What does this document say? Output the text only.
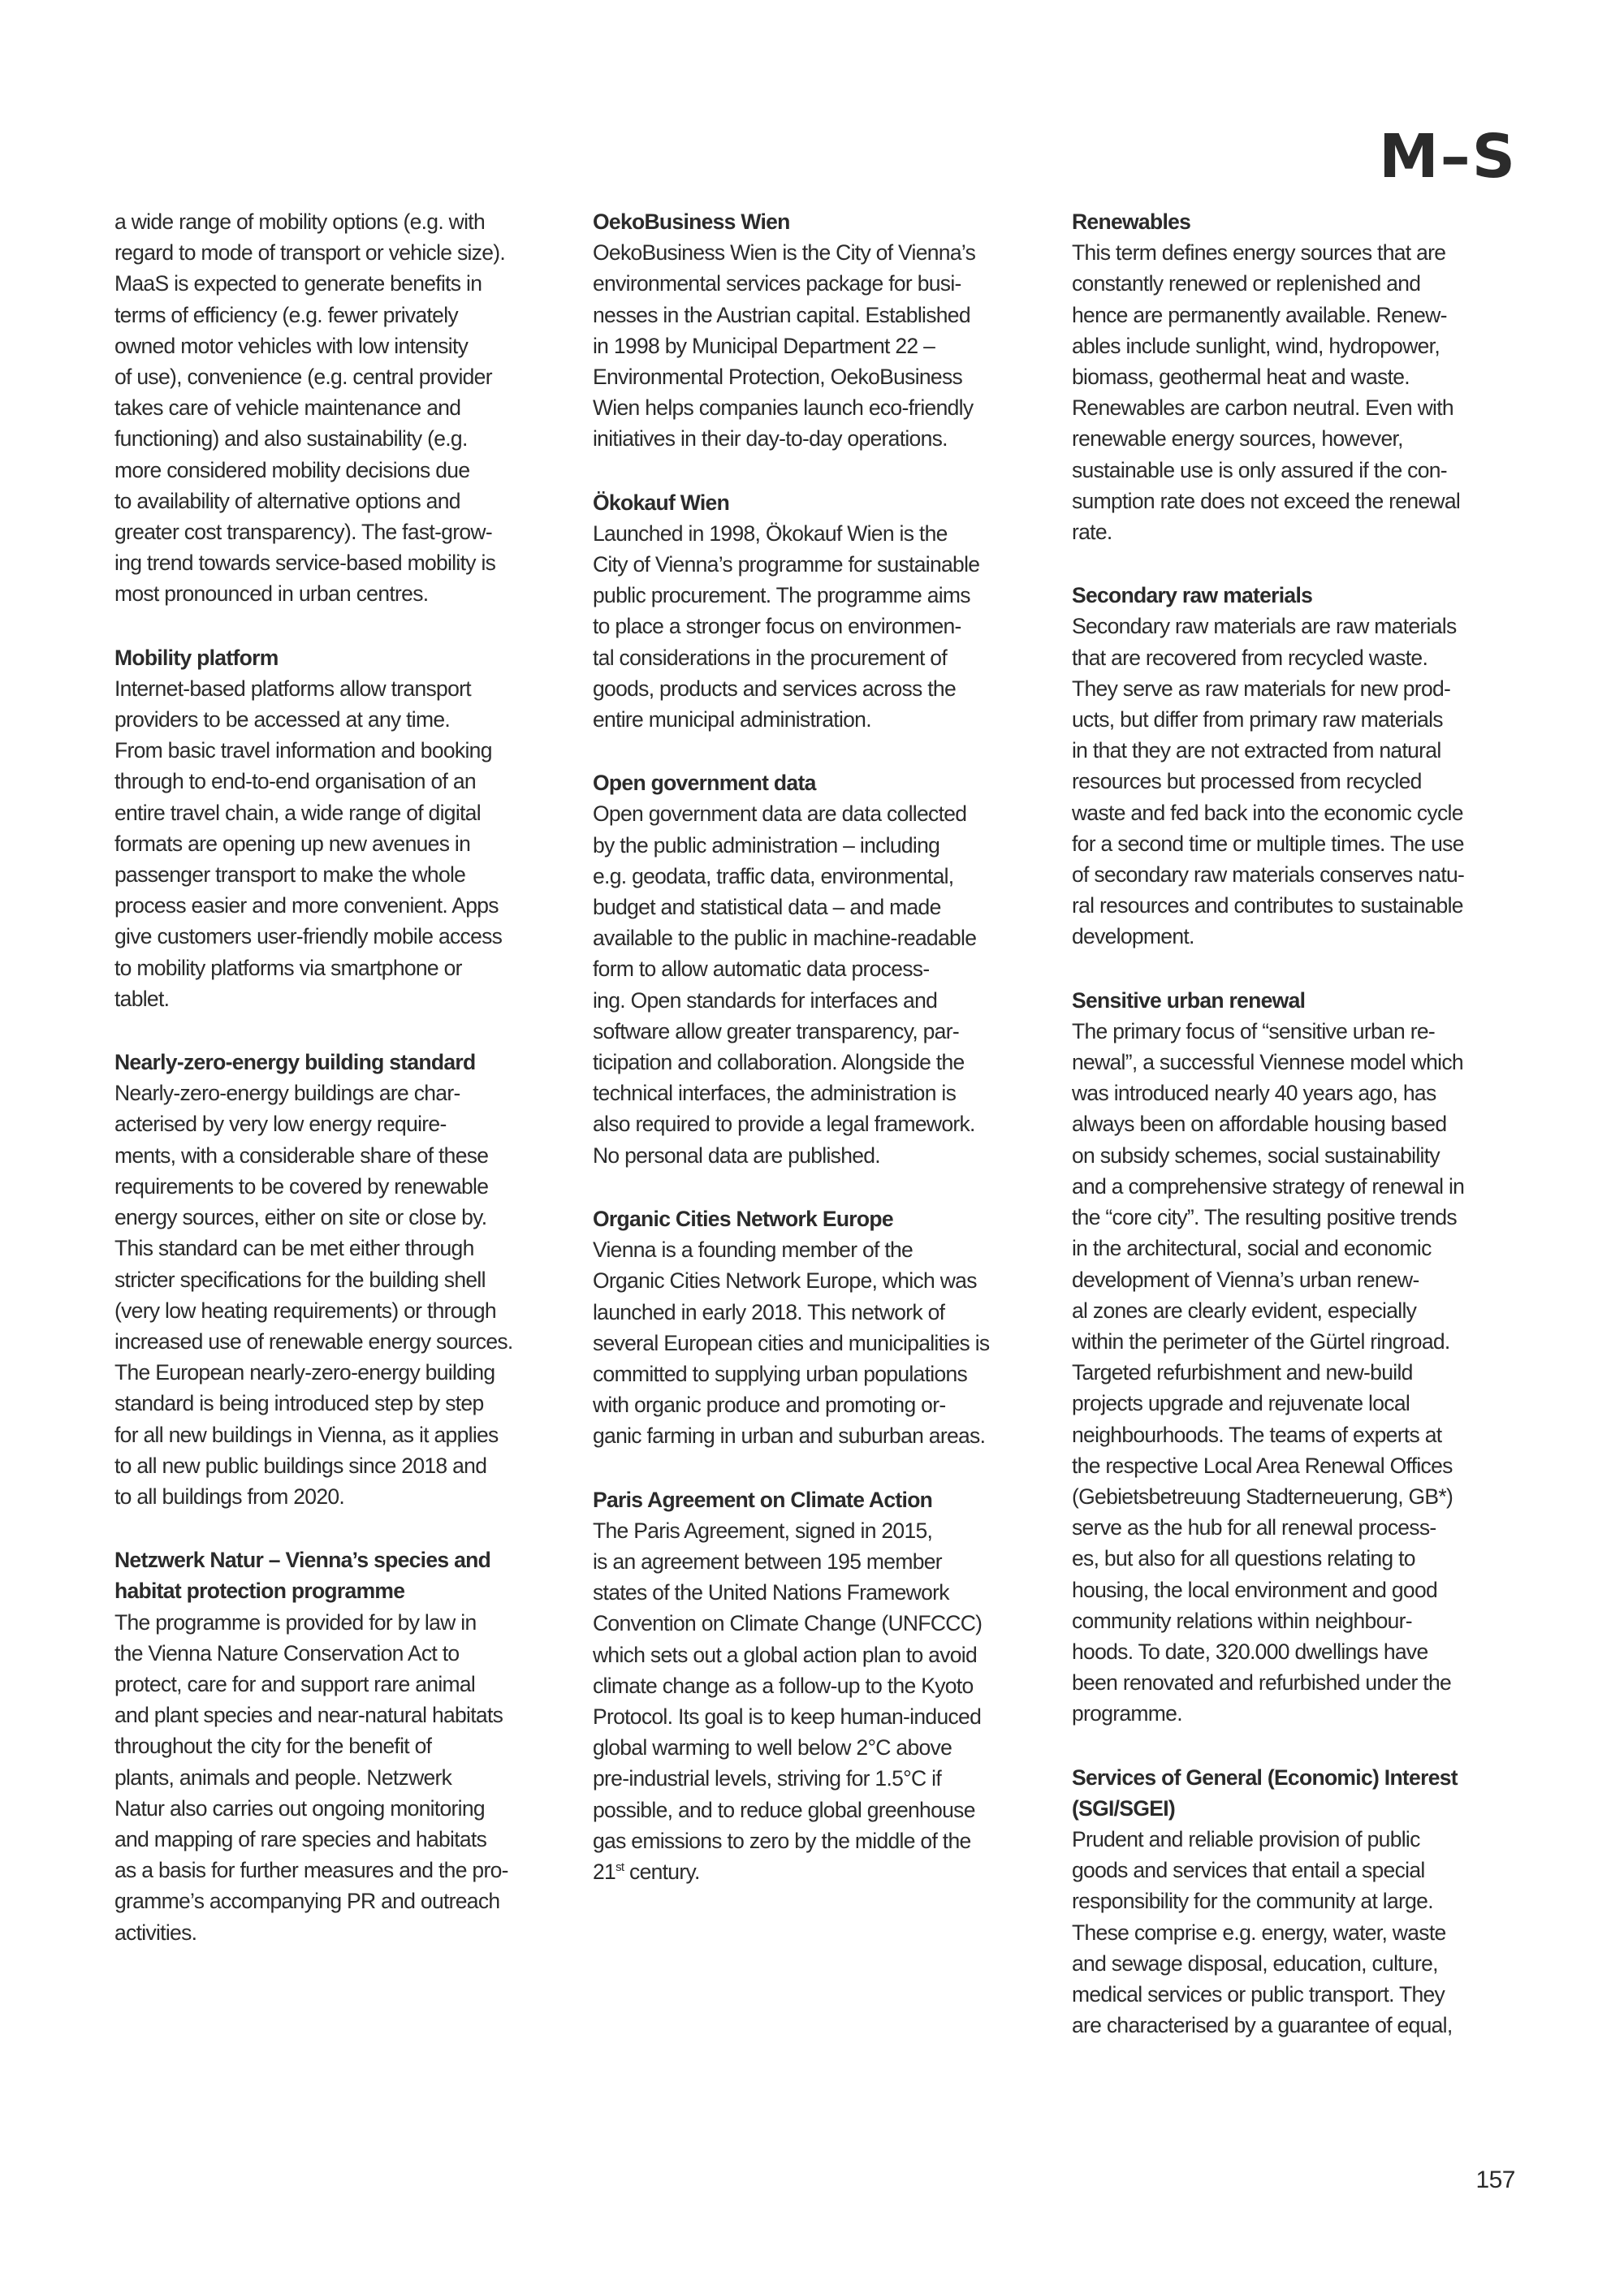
M–S
a wide range of mobility options (e.g. with
regard to mode of transport or vehicle size).
MaaS is expected to generate benefits in
terms of efficiency (e.g. fewer privately
owned motor vehicles with low intensity
of use), convenience (e.g. central provider
takes care of vehicle maintenance and
functioning) and also sustainability (e.g.
more considered mobility decisions due
to availability of alternative options and
greater cost transparency). The fast-grow-
ing trend towards service-based mobility is
most pronounced in urban centres.
Mobility platform
Internet-based platforms allow transport
providers to be accessed at any time.
From basic travel information and booking
through to end-to-end organisation of an
entire travel chain, a wide range of digital
formats are opening up new avenues in
passenger transport to make the whole
process easier and more convenient. Apps
give customers user-friendly mobile access
to mobility platforms via smartphone or
tablet.
Nearly-zero-energy building standard
Nearly-zero-energy buildings are char-
acterised by very low energy require-
ments, with a considerable share of these
requirements to be covered by renewable
energy sources, either on site or close by.
This standard can be met either through
stricter specifications for the building shell
(very low heating requirements) or through
increased use of renewable energy sources.
The European nearly-zero-energy building
standard is being introduced step by step
for all new buildings in Vienna, as it applies
to all new public buildings since 2018 and
to all buildings from 2020.
Netzwerk Natur – Vienna’s species and
habitat protection programme
The programme is provided for by law in
the Vienna Nature Conservation Act to
protect, care for and support rare animal
and plant species and near-natural habitats
throughout the city for the benefit of
plants, animals and people. Netzwerk
Natur also carries out ongoing monitoring
and mapping of rare species and habitats
as a basis for further measures and the pro-
gramme’s accompanying PR and outreach
activities.
OekoBusiness Wien
OekoBusiness Wien is the City of Vienna’s
environmental services package for busi-
nesses in the Austrian capital. Established
in 1998 by Municipal Department 22 –
Environmental Protection, OekoBusiness
Wien helps companies launch eco-friendly
initiatives in their day-to-day operations.
Ökokauf Wien
Launched in 1998, Ökokauf Wien is the
City of Vienna’s programme for sustainable
public procurement. The programme aims
to place a stronger focus on environmen-
tal considerations in the procurement of
goods, products and services across the
entire municipal administration.
Open government data
Open government data are data collected
by the public administration – including
e.g. geodata, traffic data, environmental,
budget and statistical data – and made
available to the public in machine-readable
form to allow automatic data process-
ing. Open standards for interfaces and
software allow greater transparency, par-
ticipation and collaboration. Alongside the
technical interfaces, the administration is
also required to provide a legal framework.
No personal data are published.
Organic Cities Network Europe
Vienna is a founding member of the
Organic Cities Network Europe, which was
launched in early 2018. This network of
several European cities and municipalities is
committed to supplying urban populations
with organic produce and promoting or-
ganic farming in urban and suburban areas.
Paris Agreement on Climate Action
The Paris Agreement, signed in 2015,
is an agreement between 195 member
states of the United Nations Framework
Convention on Climate Change (UNFCCC)
which sets out a global action plan to avoid
climate change as a follow-up to the Kyoto
Protocol. Its goal is to keep human-induced
global warming to well below 2°C above
pre-industrial levels, striving for 1.5°C if
possible, and to reduce global greenhouse
gas emissions to zero by the middle of the
21st century.
Renewables
This term defines energy sources that are
constantly renewed or replenished and
hence are permanently available. Renew-
ables include sunlight, wind, hydropower,
biomass, geothermal heat and waste.
Renewables are carbon neutral. Even with
renewable energy sources, however,
sustainable use is only assured if the con-
sumption rate does not exceed the renewal
rate.
Secondary raw materials
Secondary raw materials are raw materials
that are recovered from recycled waste.
They serve as raw materials for new prod-
ucts, but differ from primary raw materials
in that they are not extracted from natural
resources but processed from recycled
waste and fed back into the economic cycle
for a second time or multiple times. The use
of secondary raw materials conserves natu-
ral resources and contributes to sustainable
development.
Sensitive urban renewal
The primary focus of “sensitive urban re-
newal”, a successful Viennese model which
was introduced nearly 40 years ago, has
always been on affordable housing based
on subsidy schemes, social sustainability
and a comprehensive strategy of renewal in
the “core city”. The resulting positive trends
in the architectural, social and economic
development of Vienna’s urban renew-
al zones are clearly evident, especially
within the perimeter of the Gürtel ringroad.
Targeted refurbishment and new-build
projects upgrade and rejuvenate local
neighbourhoods. The teams of experts at
the respective Local Area Renewal Offices
(Gebietsbetreuung Stadterneuerung, GB*)
serve as the hub for all renewal process-
es, but also for all questions relating to
housing, the local environment and good
community relations within neighbour-
hoods. To date, 320.000 dwellings have
been renovated and refurbished under the
programme.
Services of General (Economic) Interest
(SGI/SGEI)
Prudent and reliable provision of public
goods and services that entail a special
responsibility for the community at large.
These comprise e.g. energy, water, waste
and sewage disposal, education, culture,
medical services or public transport. They
are characterised by a guarantee of equal,
157
